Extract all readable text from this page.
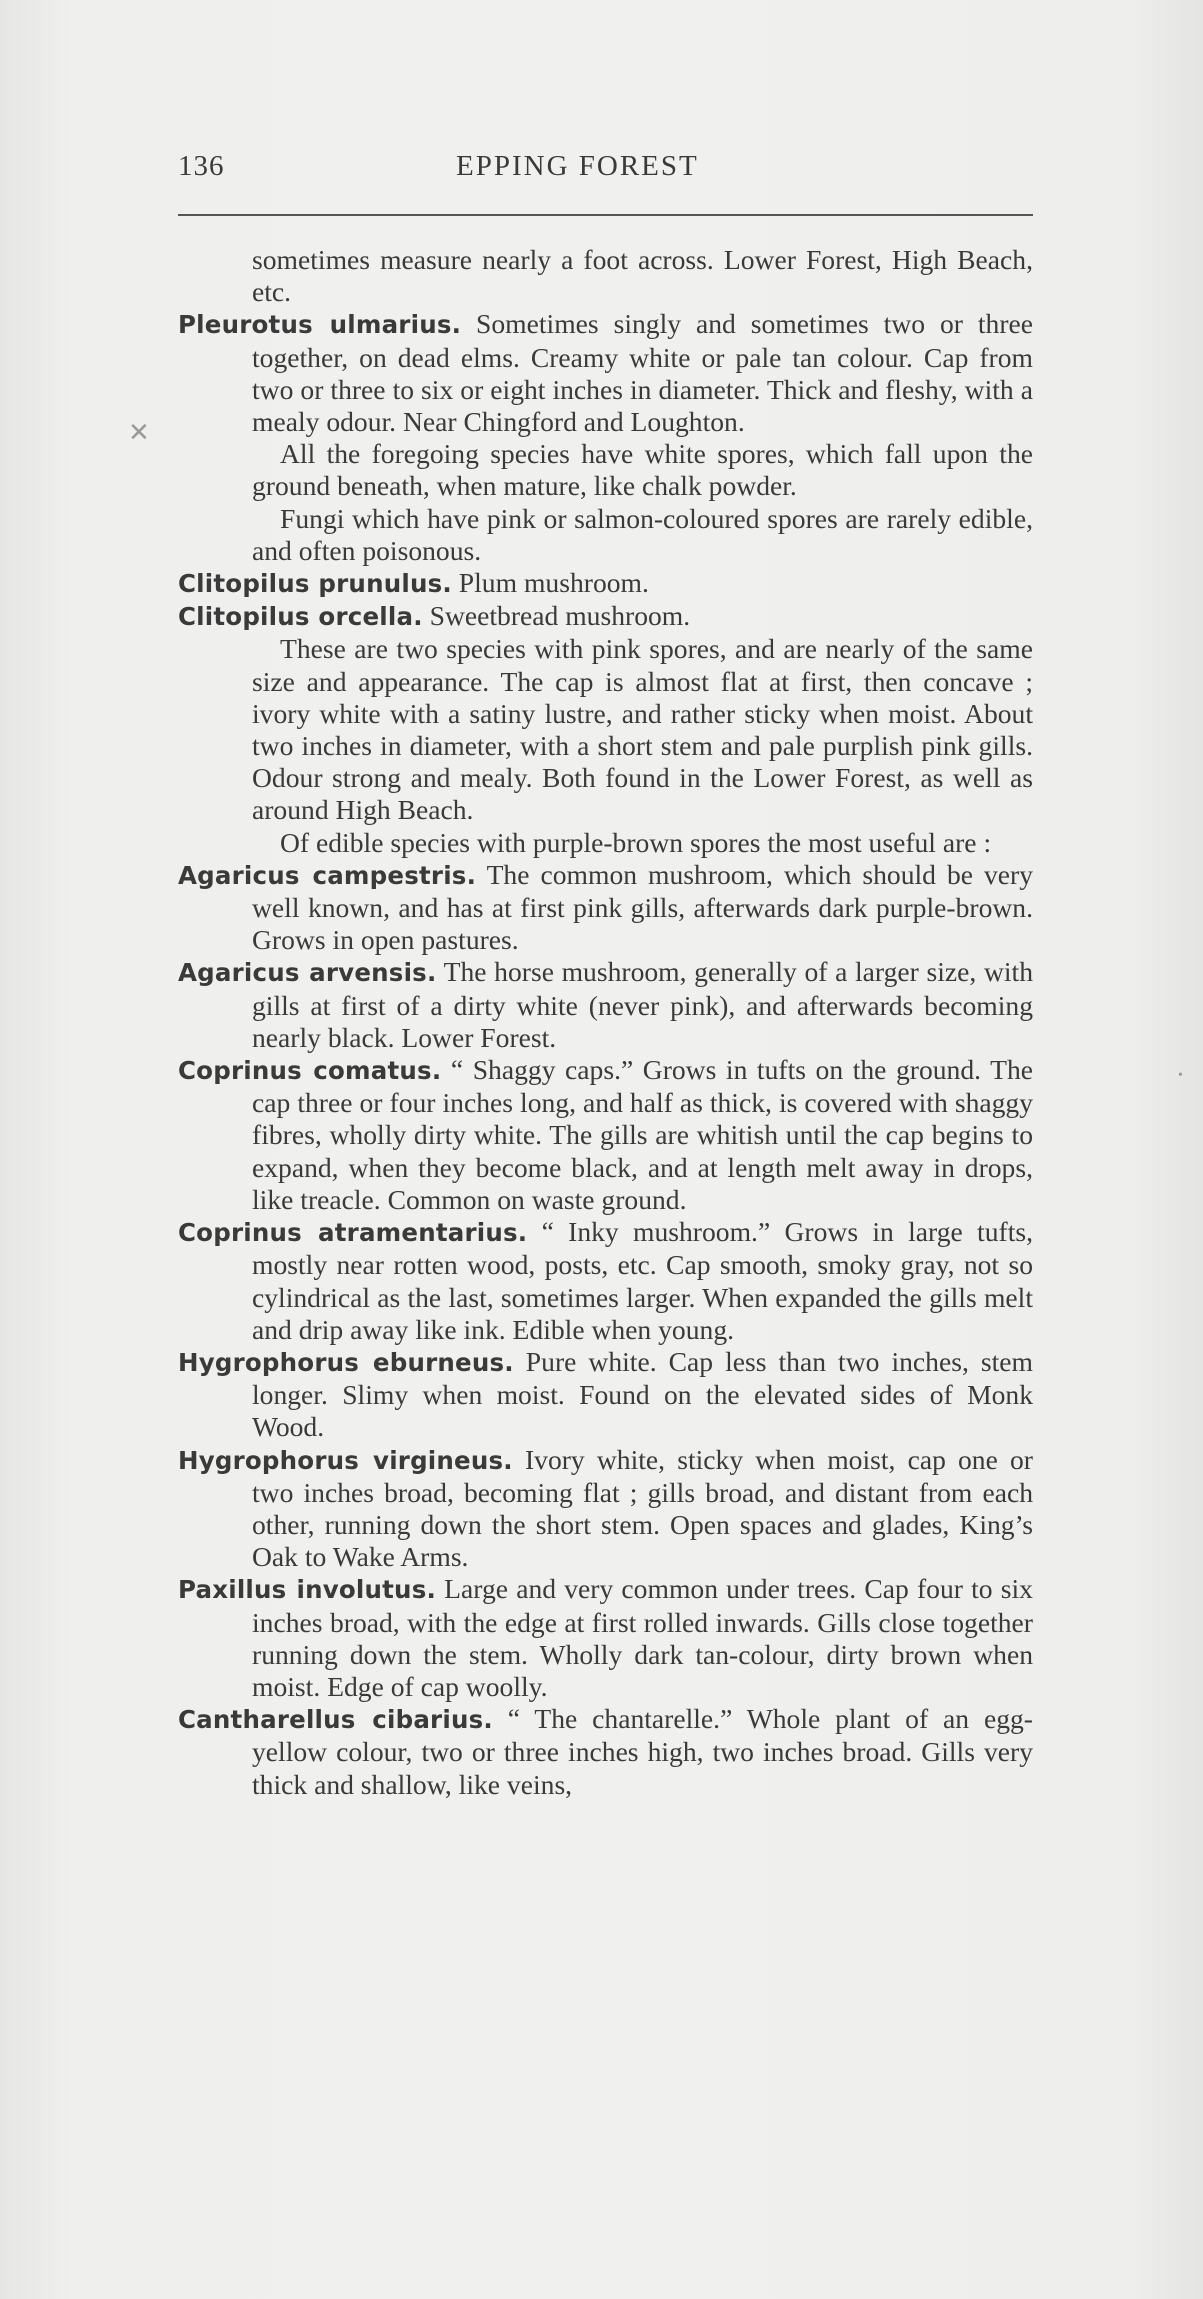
136	EPPING FOREST

sometimes measure nearly a foot across. Lower Forest, High Beach, etc.

Pleurotus ulmarius. Sometimes singly and sometimes two or three together, on dead elms. Creamy white or pale tan colour. Cap from two or three to six or eight inches in diameter. Thick and fleshy, with a mealy odour. Near Chingford and Loughton.

All the foregoing species have white spores, which fall upon the ground beneath, when mature, like chalk powder.

Fungi which have pink or salmon-coloured spores are rarely edible, and often poisonous.

Clitopilus prunulus. Plum mushroom.

Clitopilus orcella. Sweetbread mushroom.

These are two species with pink spores, and are nearly of the same size and appearance. The cap is almost flat at first, then concave ; ivory white with a satiny lustre, and rather sticky when moist. About two inches in diameter, with a short stem and pale purplish pink gills. Odour strong and mealy. Both found in the Lower Forest, as well as around High Beach.

Of edible species with purple-brown spores the most useful are :

Agaricus campestris. The common mushroom, which should be very well known, and has at first pink gills, afterwards dark purple-brown. Grows in open pastures.

Agaricus arvensis. The horse mushroom, generally of a larger size, with gills at first of a dirty white (never pink), and afterwards becoming nearly black. Lower Forest.

Coprinus comatus. “ Shaggy caps.” Grows in tufts on the ground. The cap three or four inches long, and half as thick, is covered with shaggy fibres, wholly dirty white. The gills are whitish until the cap begins to expand, when they become black, and at length melt away in drops, like treacle. Common on waste ground.

Coprinus atramentarius. “ Inky mushroom.” Grows in large tufts, mostly near rotten wood, posts, etc. Cap smooth, smoky gray, not so cylindrical as the last, sometimes larger. When expanded the gills melt and drip away like ink. Edible when young.

Hygrophorus eburneus. Pure white. Cap less than two inches, stem longer. Slimy when moist. Found on the elevated sides of Monk Wood.

Hygrophorus virgineus. Ivory white, sticky when moist, cap one or two inches broad, becoming flat ; gills broad, and distant from each other, running down the short stem. Open spaces and glades, King’s Oak to Wake Arms.

Paxillus involutus. Large and very common under trees. Cap four to six inches broad, with the edge at first rolled inwards. Gills close together running down the stem. Wholly dark tan-colour, dirty brown when moist. Edge of cap woolly.

Cantharellus cibarius. “ The chantarelle.” Whole plant of an egg-yellow colour, two or three inches high, two inches broad. Gills very thick and shallow, like veins,

✕
•
